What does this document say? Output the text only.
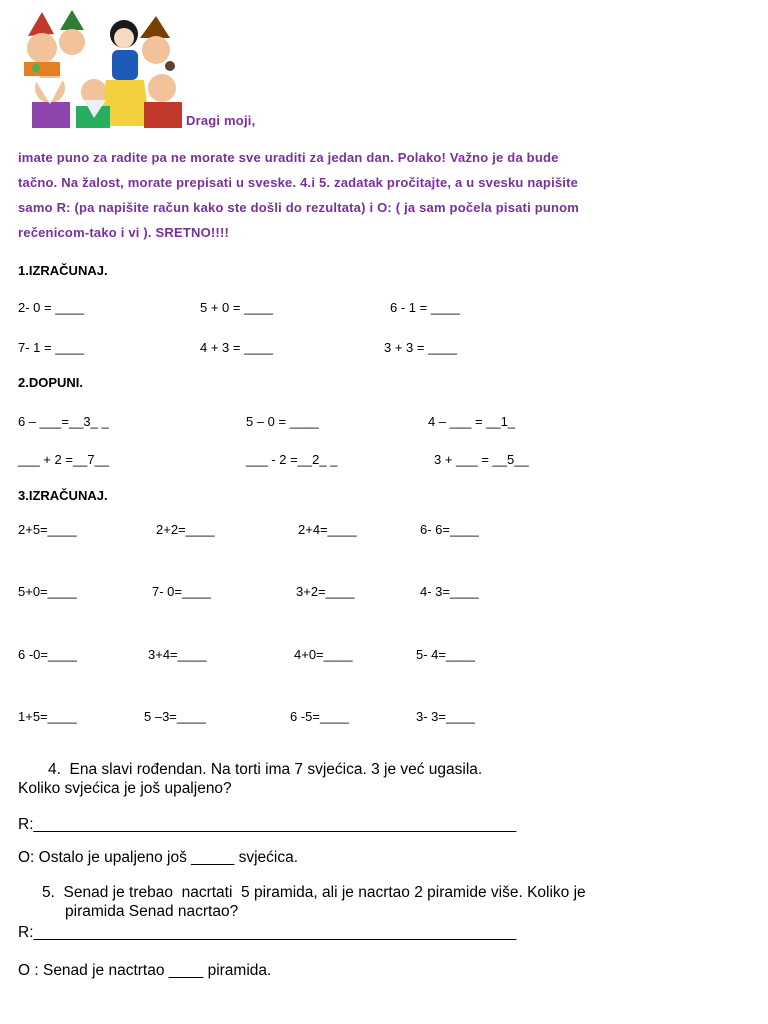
Dragi moji,
imate puno za radite pa ne morate sve uraditi za jedan dan. Polako! Važno je da bude
tačno. Na žalost, morate prepisati u sveske. 4.i 5. zadatak pročitajte, a u svesku napišite
samo R: (pa napišite račun kako ste došli do rezultata) i O: ( ja sam počela pisati punom
rečenicom-tako i vi ). SRETNO!!!!
1.IZRAČUNAJ.
2- 0 = ____	5 + 0 = ____	6 - 1 = ____
7- 1 = ____	4 + 3 = ____	3 + 3 = ____
2.DOPUNI.
6 – ___=__3_ _	5 – 0 = ____	4 – ___ = __1_
___ + 2 =__7__	___ - 2 =__2_ _	3 + ___ = __5__
3.IZRAČUNAJ.
2+5=____	2+2=____	2+4=____	6- 6=____
5+0=____	7- 0=____	3+2=____	4- 3=____
6 -0=____	3+4=____	4+0=____	5- 4=____
1+5=____	5 –3=____	6 -5=____	3- 3=____
4.  Ena slavi rođendan. Na torti ima 7 svjećica. 3 je već ugasila.
Koliko svjećica je još upaljeno?
R:________________________________________________________
O: Ostalo je upaljeno još _____ svjećica.
5.  Senad je trebao  nacrtati  5 piramida, ali je nacrtao 2 piramide više. Koliko je
piramida Senad nacrtao?
R:________________________________________________________
O : Senad je nactrtao ____ piramida.
